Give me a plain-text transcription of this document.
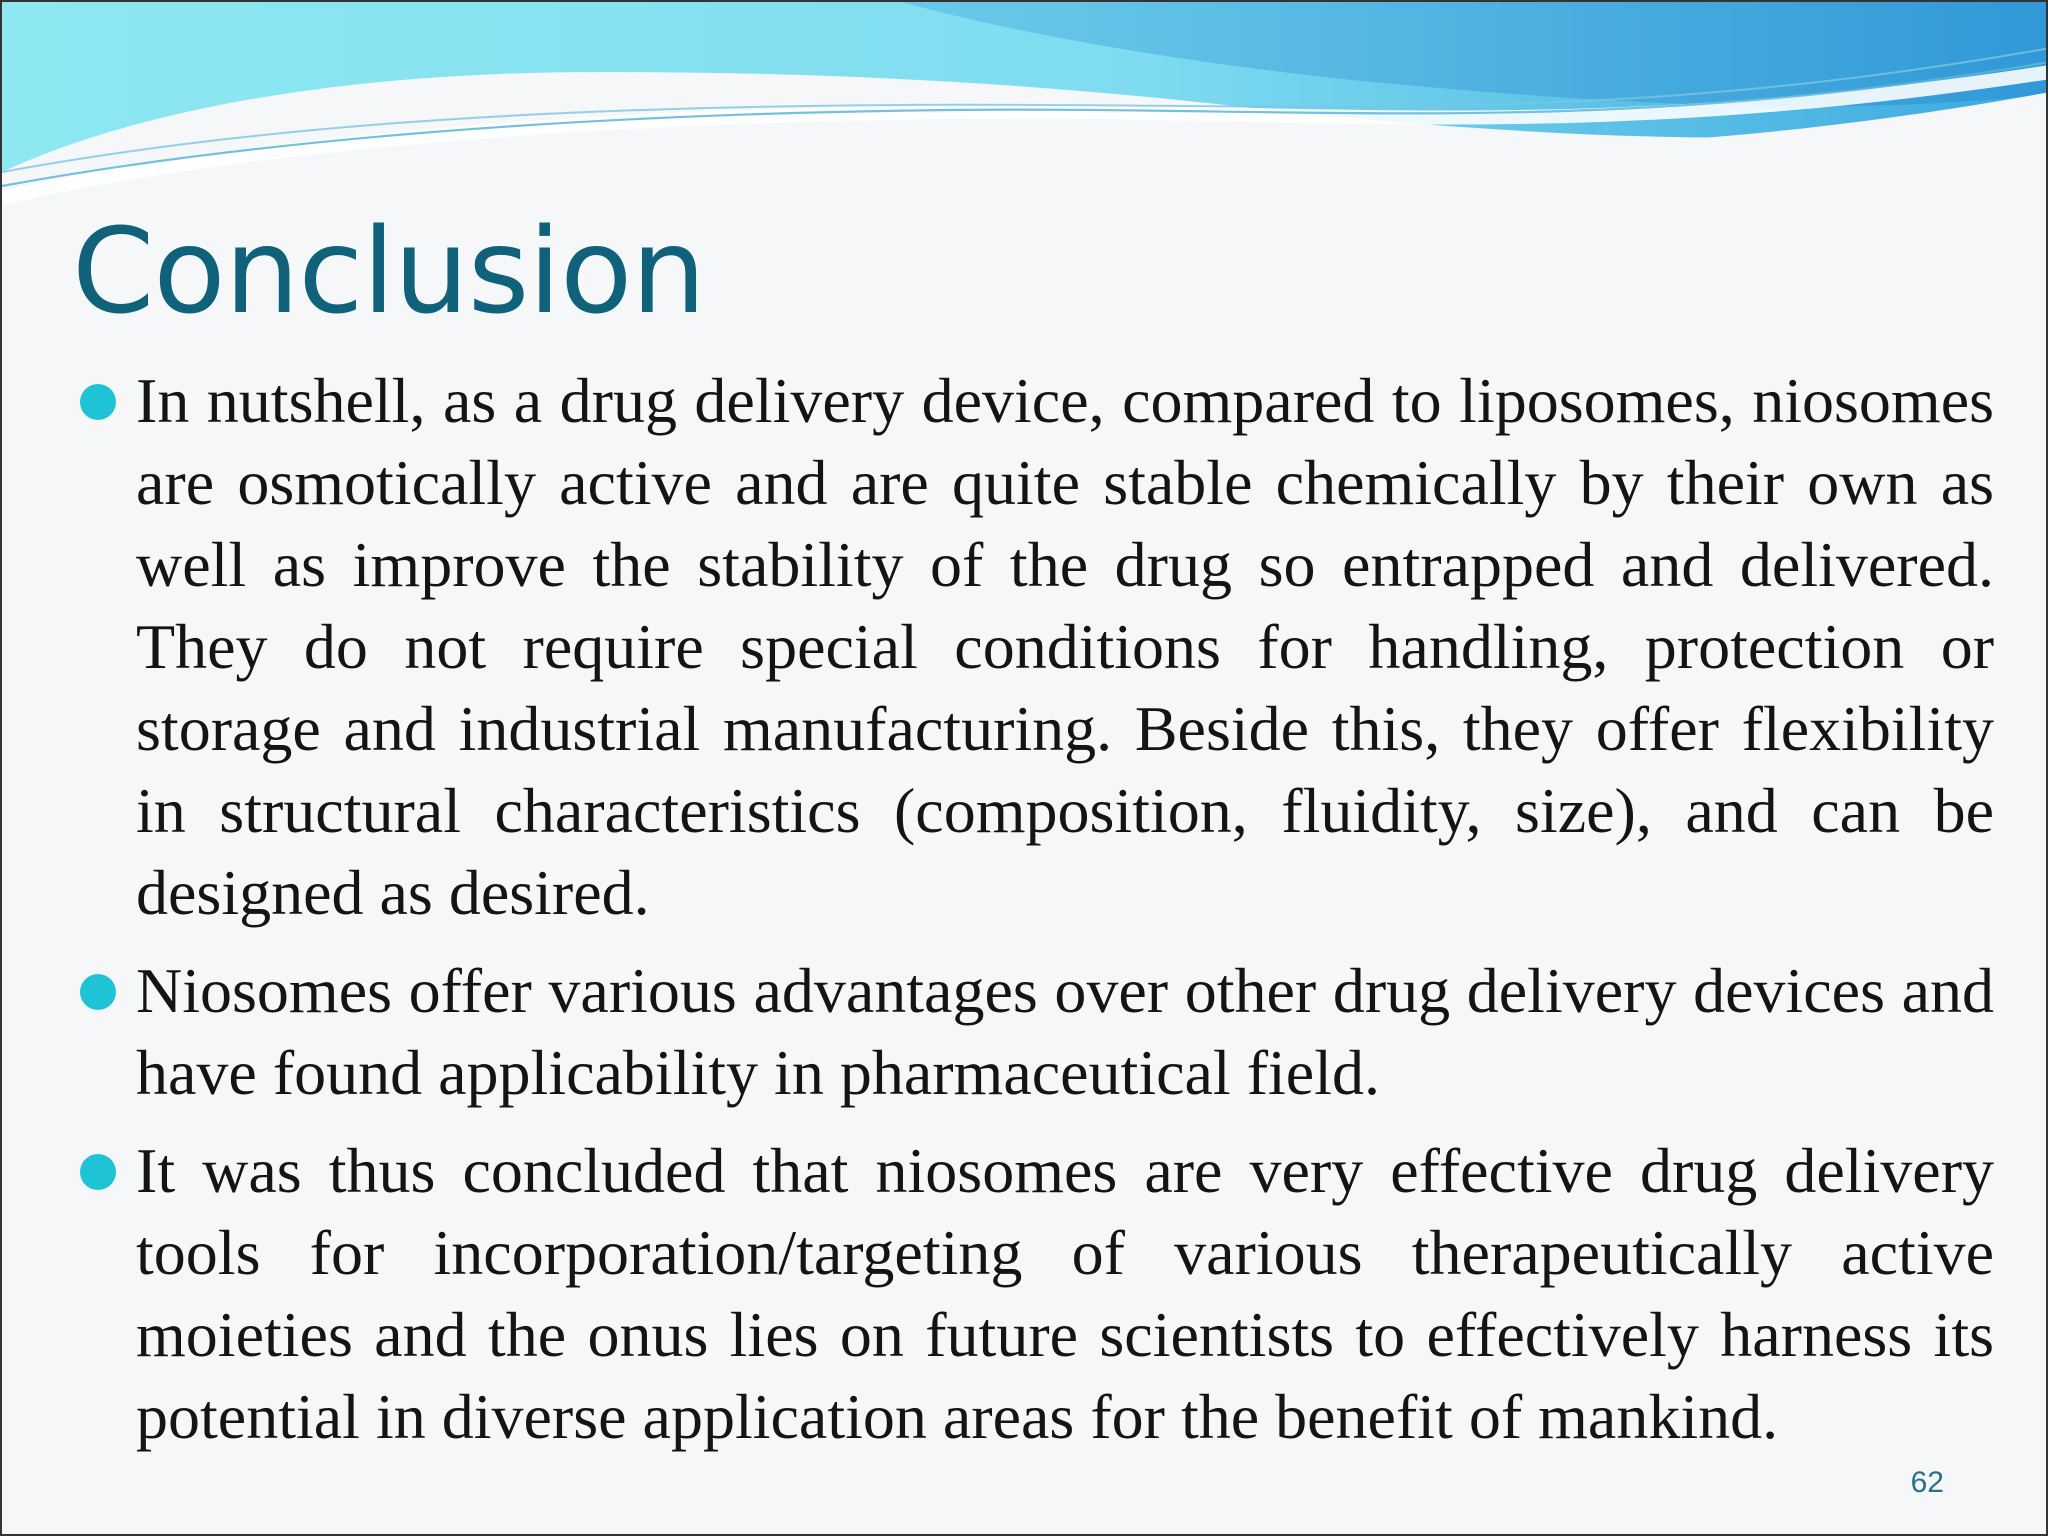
Conclusion
In nutshell, as a drug delivery device, compared to liposomes, niosomes are osmotically active and are quite stable chemically by their own as well as improve the stability of the drug so entrapped and delivered. They do not require special conditions for handling, protection or storage and industrial manufacturing. Beside this, they offer flexibility in structural characteristics (composition, fluidity, size), and can be designed as desired.
Niosomes offer various advantages over other drug delivery devices and have found applicability in pharmaceutical field.
It was thus concluded that niosomes are very effective drug delivery tools for incorporation/targeting of various therapeutically active moieties and the onus lies on future scientists to effectively harness its potential in diverse application areas for the benefit of mankind.
62
